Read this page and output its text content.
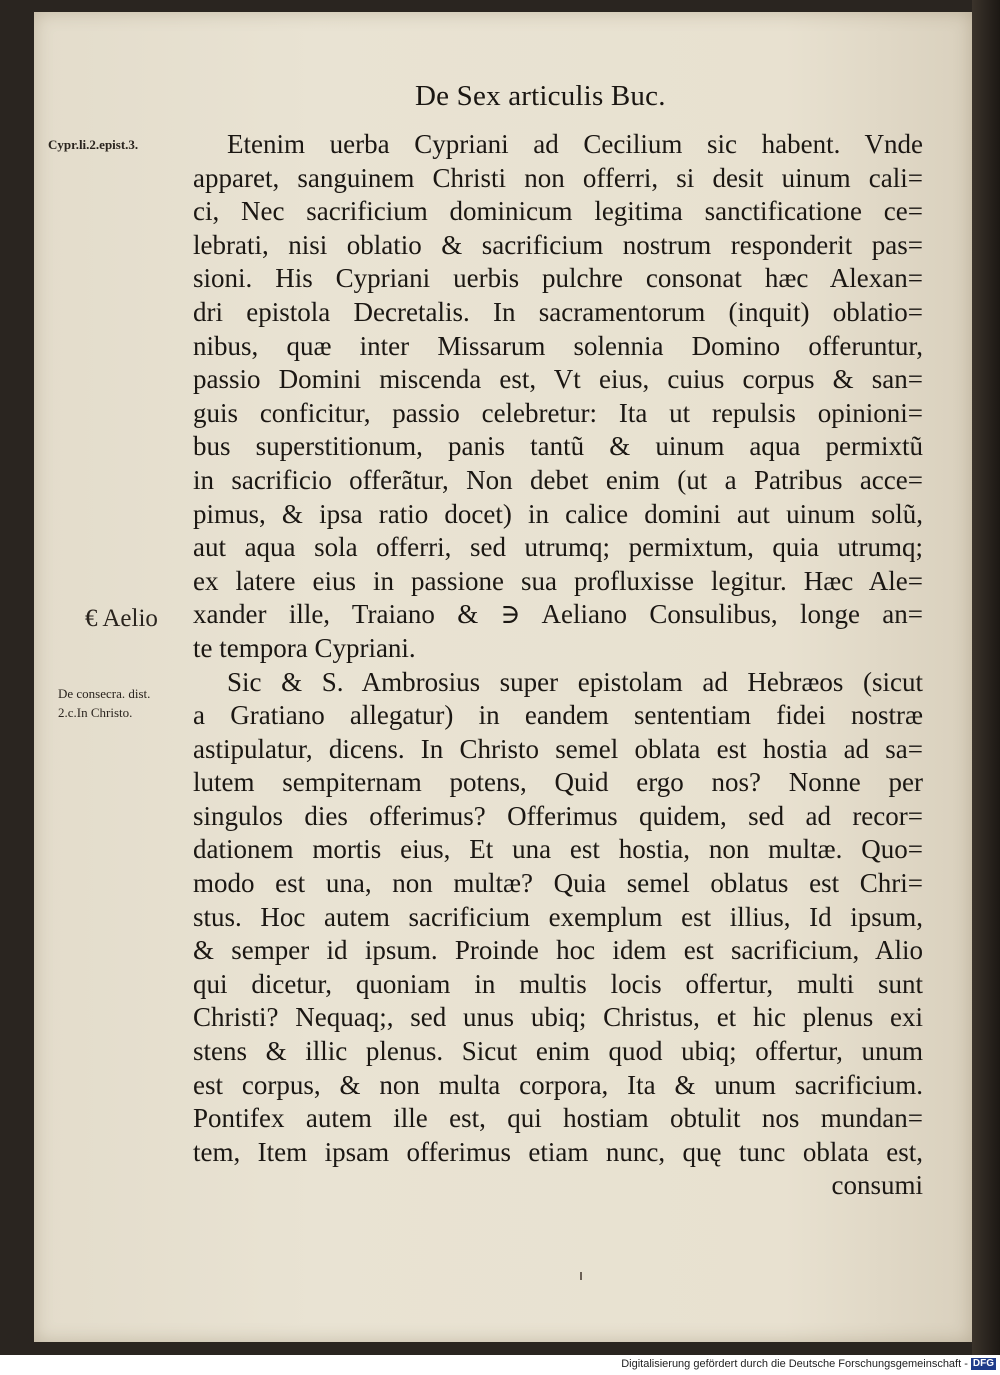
De Sex articulis Buc.
Cypr.li.2.epist.3.
€ Aelio
De consecra. dist.
2.c.In Christo.
Etenim uerba Cypriani ad Cecilium sic habent. Vnde
apparet, sanguinem Christi non offerri, si desit uinum cali=
ci, Nec sacrificium dominicum legitima sanctificatione ce=
lebrati, nisi oblatio & sacrificium nostrum responderit pas=
sioni. His Cypriani uerbis pulchre consonat hæc Alexan=
dri epistola Decretalis. In sacramentorum (inquit) oblatio=
nibus, quæ inter Missarum solennia Domino offeruntur,
passio Domini miscenda est, Vt eius, cuius corpus & san=
guis conficitur, passio celebretur: Ita ut repulsis opinioni=
bus superstitionum, panis tantũ & uinum aqua permixtũ
in sacrificio offerãtur, Non debet enim (ut a Patribus acce=
pimus, & ipsa ratio docet) in calice domini aut uinum solũ,
aut aqua sola offerri, sed utrumq; permixtum, quia utrumq;
ex latere eius in passione sua profluxisse legitur. Hæc Ale=
xander ille, Traiano & ∋ Aeliano Consulibus, longe an=
te tempora Cypriani.
Sic & S. Ambrosius super epistolam ad Hebræos (sicut
a Gratiano allegatur) in eandem sententiam fidei nostræ
astipulatur, dicens. In Christo semel oblata est hostia ad sa=
lutem sempiternam potens, Quid ergo nos? Nonne per
singulos dies offerimus? Offerimus quidem, sed ad recor=
dationem mortis eius, Et una est hostia, non multæ. Quo=
modo est una, non multæ? Quia semel oblatus est Chri=
stus. Hoc autem sacrificium exemplum est illius, Id ipsum,
& semper id ipsum. Proinde hoc idem est sacrificium, Alio
qui dicetur, quoniam in multis locis offertur, multi sunt
Christi? Nequaq;, sed unus ubiq; Christus, et hic plenus exi
stens & illic plenus. Sicut enim quod ubiq; offertur, unum
est corpus, & non multa corpora, Ita & unum sacrificium.
Pontifex autem ille est, qui hostiam obtulit nos mundan=
tem, Item ipsam offerimus etiam nunc, quę tunc oblata est,
consumi
Digitalisierung gefördert durch die Deutsche Forschungsgemeinschaft - DFG
